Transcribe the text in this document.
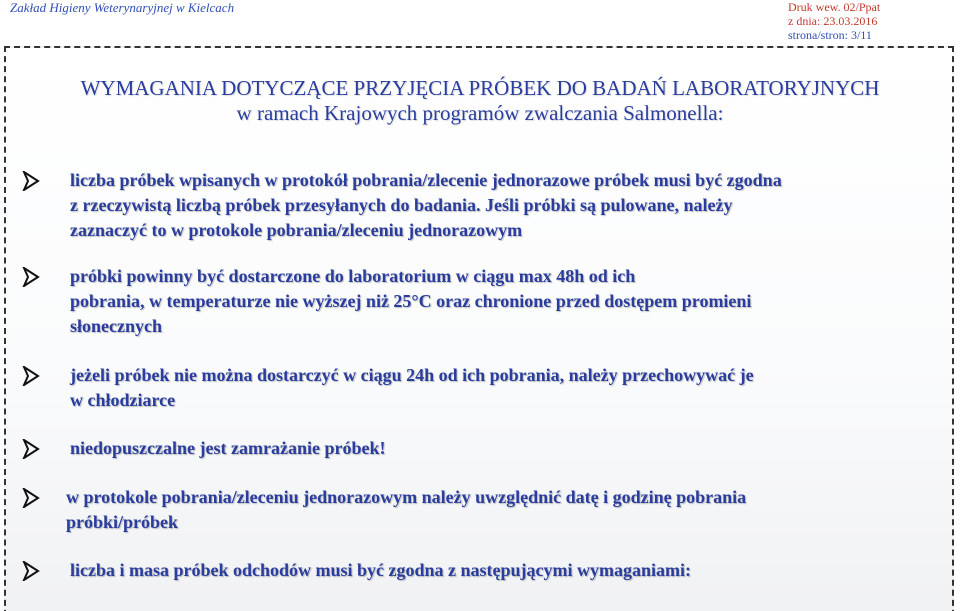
Zakład Higieny Weterynaryjnej w Kielcach	Druk wew. 02/Ppat
z dnia: 23.03.2016
strona/stron: 3/11
WYMAGANIA DOTYCZĄCE PRZYJĘCIA PRÓBEK DO BADAŃ LABORATORYJNYCH
w ramach Krajowych programów zwalczania Salmonella:
liczba próbek wpisanych w protokół pobrania/zlecenie jednorazowe próbek musi być zgodna
z rzeczywistą liczbą próbek przesyłanych do badania. Jeśli próbki są pulowane, należy
zaznaczyć to w protokole pobrania/zleceniu jednorazowym
próbki powinny być dostarczone do laboratorium w ciągu max 48h od ich
pobrania, w temperaturze nie wyższej niż 25°C oraz chronione przed dostępem promieni
słonecznych
jeżeli próbek nie można dostarczyć w ciągu 24h od ich pobrania, należy przechowywać je
w chłodziarce
niedopuszczalne jest zamrażanie próbek!
w protokole pobrania/zleceniu jednorazowym należy uwzględnić datę i godzinę pobrania
próbki/próbek
liczba i masa próbek odchodów musi być zgodna z następującymi wymaganiami:
